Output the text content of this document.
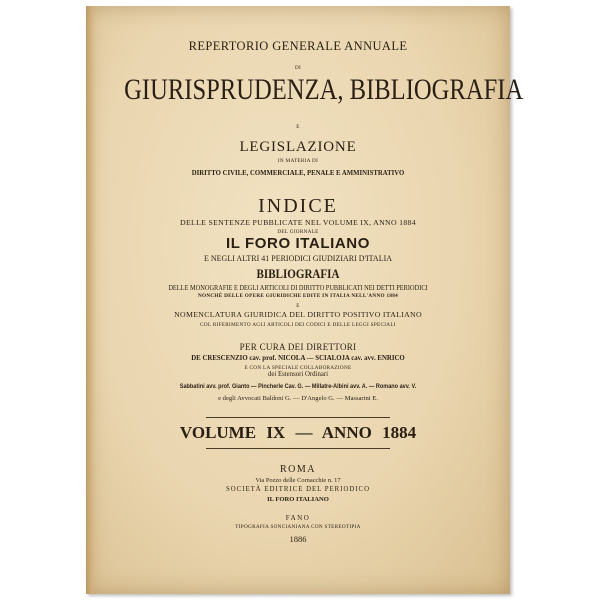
REPERTORIO GENERALE ANNUALE
DI
GIURISPRUDENZA, BIBLIOGRAFIA
E
LEGISLAZIONE
IN MATERIA DI
DIRITTO CIVILE, COMMERCIALE, PENALE E AMMINISTRATIVO
INDICE
DELLE SENTENZE PUBBLICATE NEL VOLUME IX, ANNO 1884
DEL GIORNALE
IL FORO ITALIANO
E NEGLI ALTRI 41 PERIODICI GIUDIZIARI D'ITALIA
BIBLIOGRAFIA
DELLE MONOGRAFIE E DEGLI ARTICOLI DI DIRITTO PUBBLICATI NEI DETTI PERIODICI
NONCHÉ DELLE OPERE GIURIDICHE EDITE IN ITALIA NELL'ANNO 1884
E
NOMENCLATURA GIURIDICA DEL DIRITTO POSITIVO ITALIANO
COL RIFERIMENTO AGLI ARTICOLI DEI CODICI E DELLE LEGGI SPECIALI
PER CURA DEI DIRETTORI
DE CRESCENZIO cav. prof. NICOLA — SCIALOJA cav. avv. ENRICO
E CON LA SPECIALE COLLABORAZIONE
dei Estensori Ordinari
Sabbatini avv. prof. Gianto — Pincherle Cav. G. — Millatre-Albini avv. A. — Romano avv. V.
e degli Avvocati Baldoni G. — D'Angelo G. — Massarini E.
VOLUME IX — ANNO 1884
ROMA
Via Pozzo delle Cornacchie n. 17
SOCIETÀ EDITRICE DEL PERIODICO
IL FORO ITALIANO
FANO
TIPOGRAFIA SONCIANIANA CON STEREOTIPIA
1886
